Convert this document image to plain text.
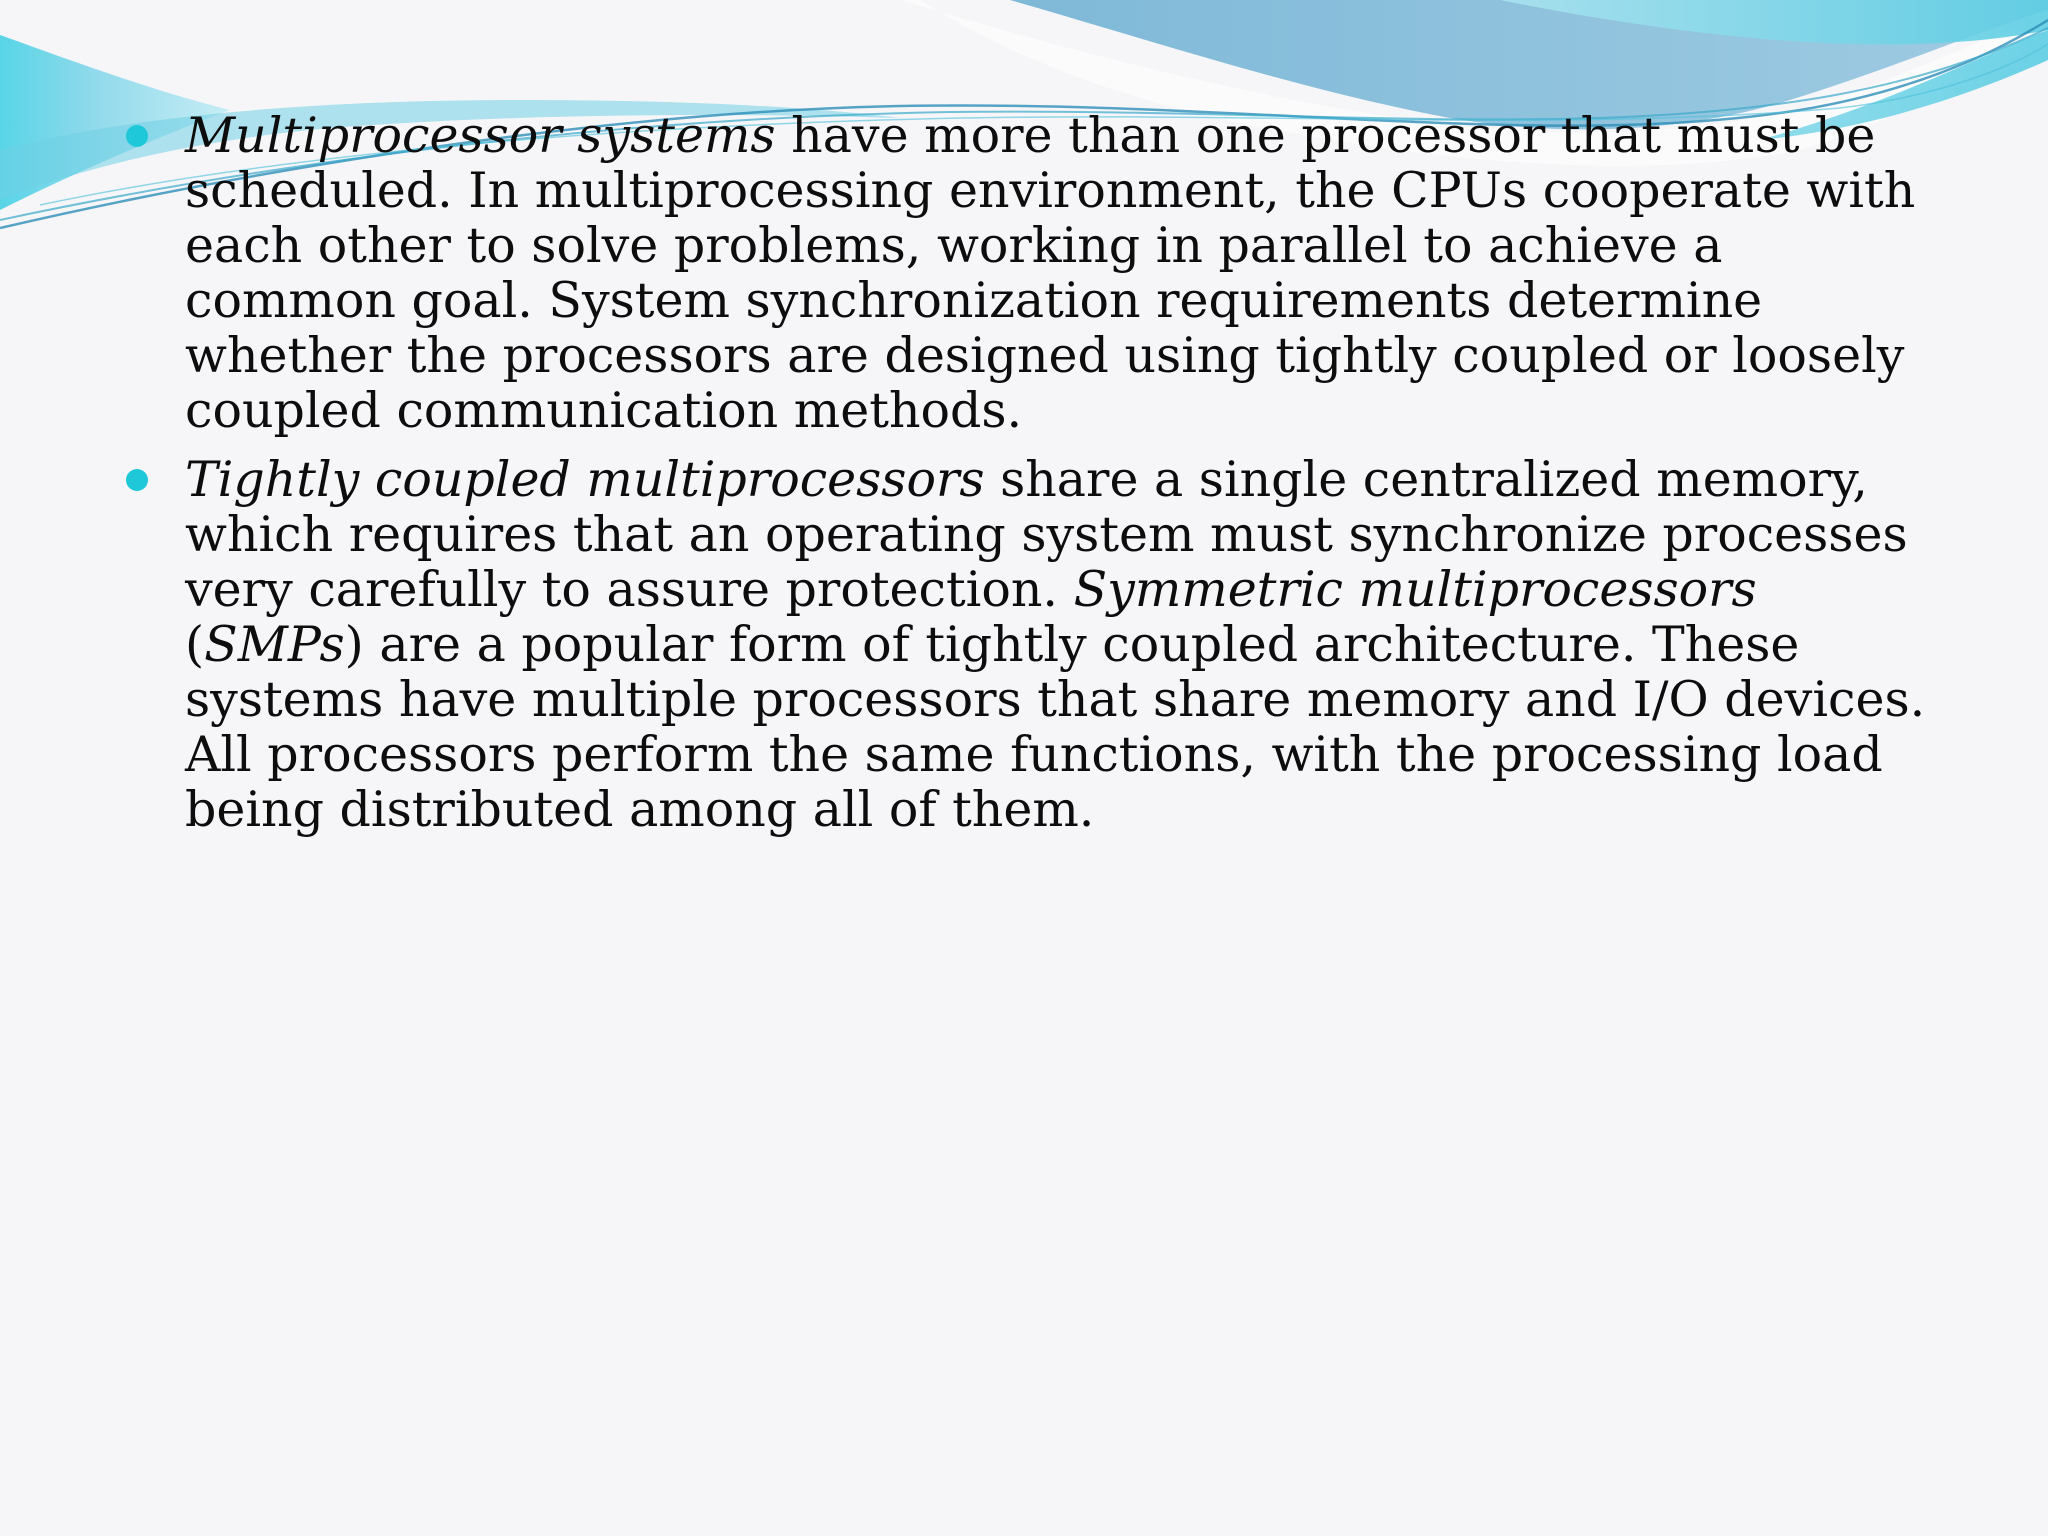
Multiprocessor systems have more than one processor that must be scheduled. In multiprocessing environment, the CPUs cooperate with each other to solve problems, working in parallel to achieve a common goal. System synchronization requirements determine whether the processors are designed using tightly coupled or loosely coupled communication methods.
Tightly coupled multiprocessors share a single centralized memory, which requires that an operating system must synchronize processes very carefully to assure protection. Symmetric multiprocessors (SMPs) are a popular form of tightly coupled architecture. These systems have multiple processors that share memory and I/O devices. All processors perform the same functions, with the processing load being distributed among all of them.
